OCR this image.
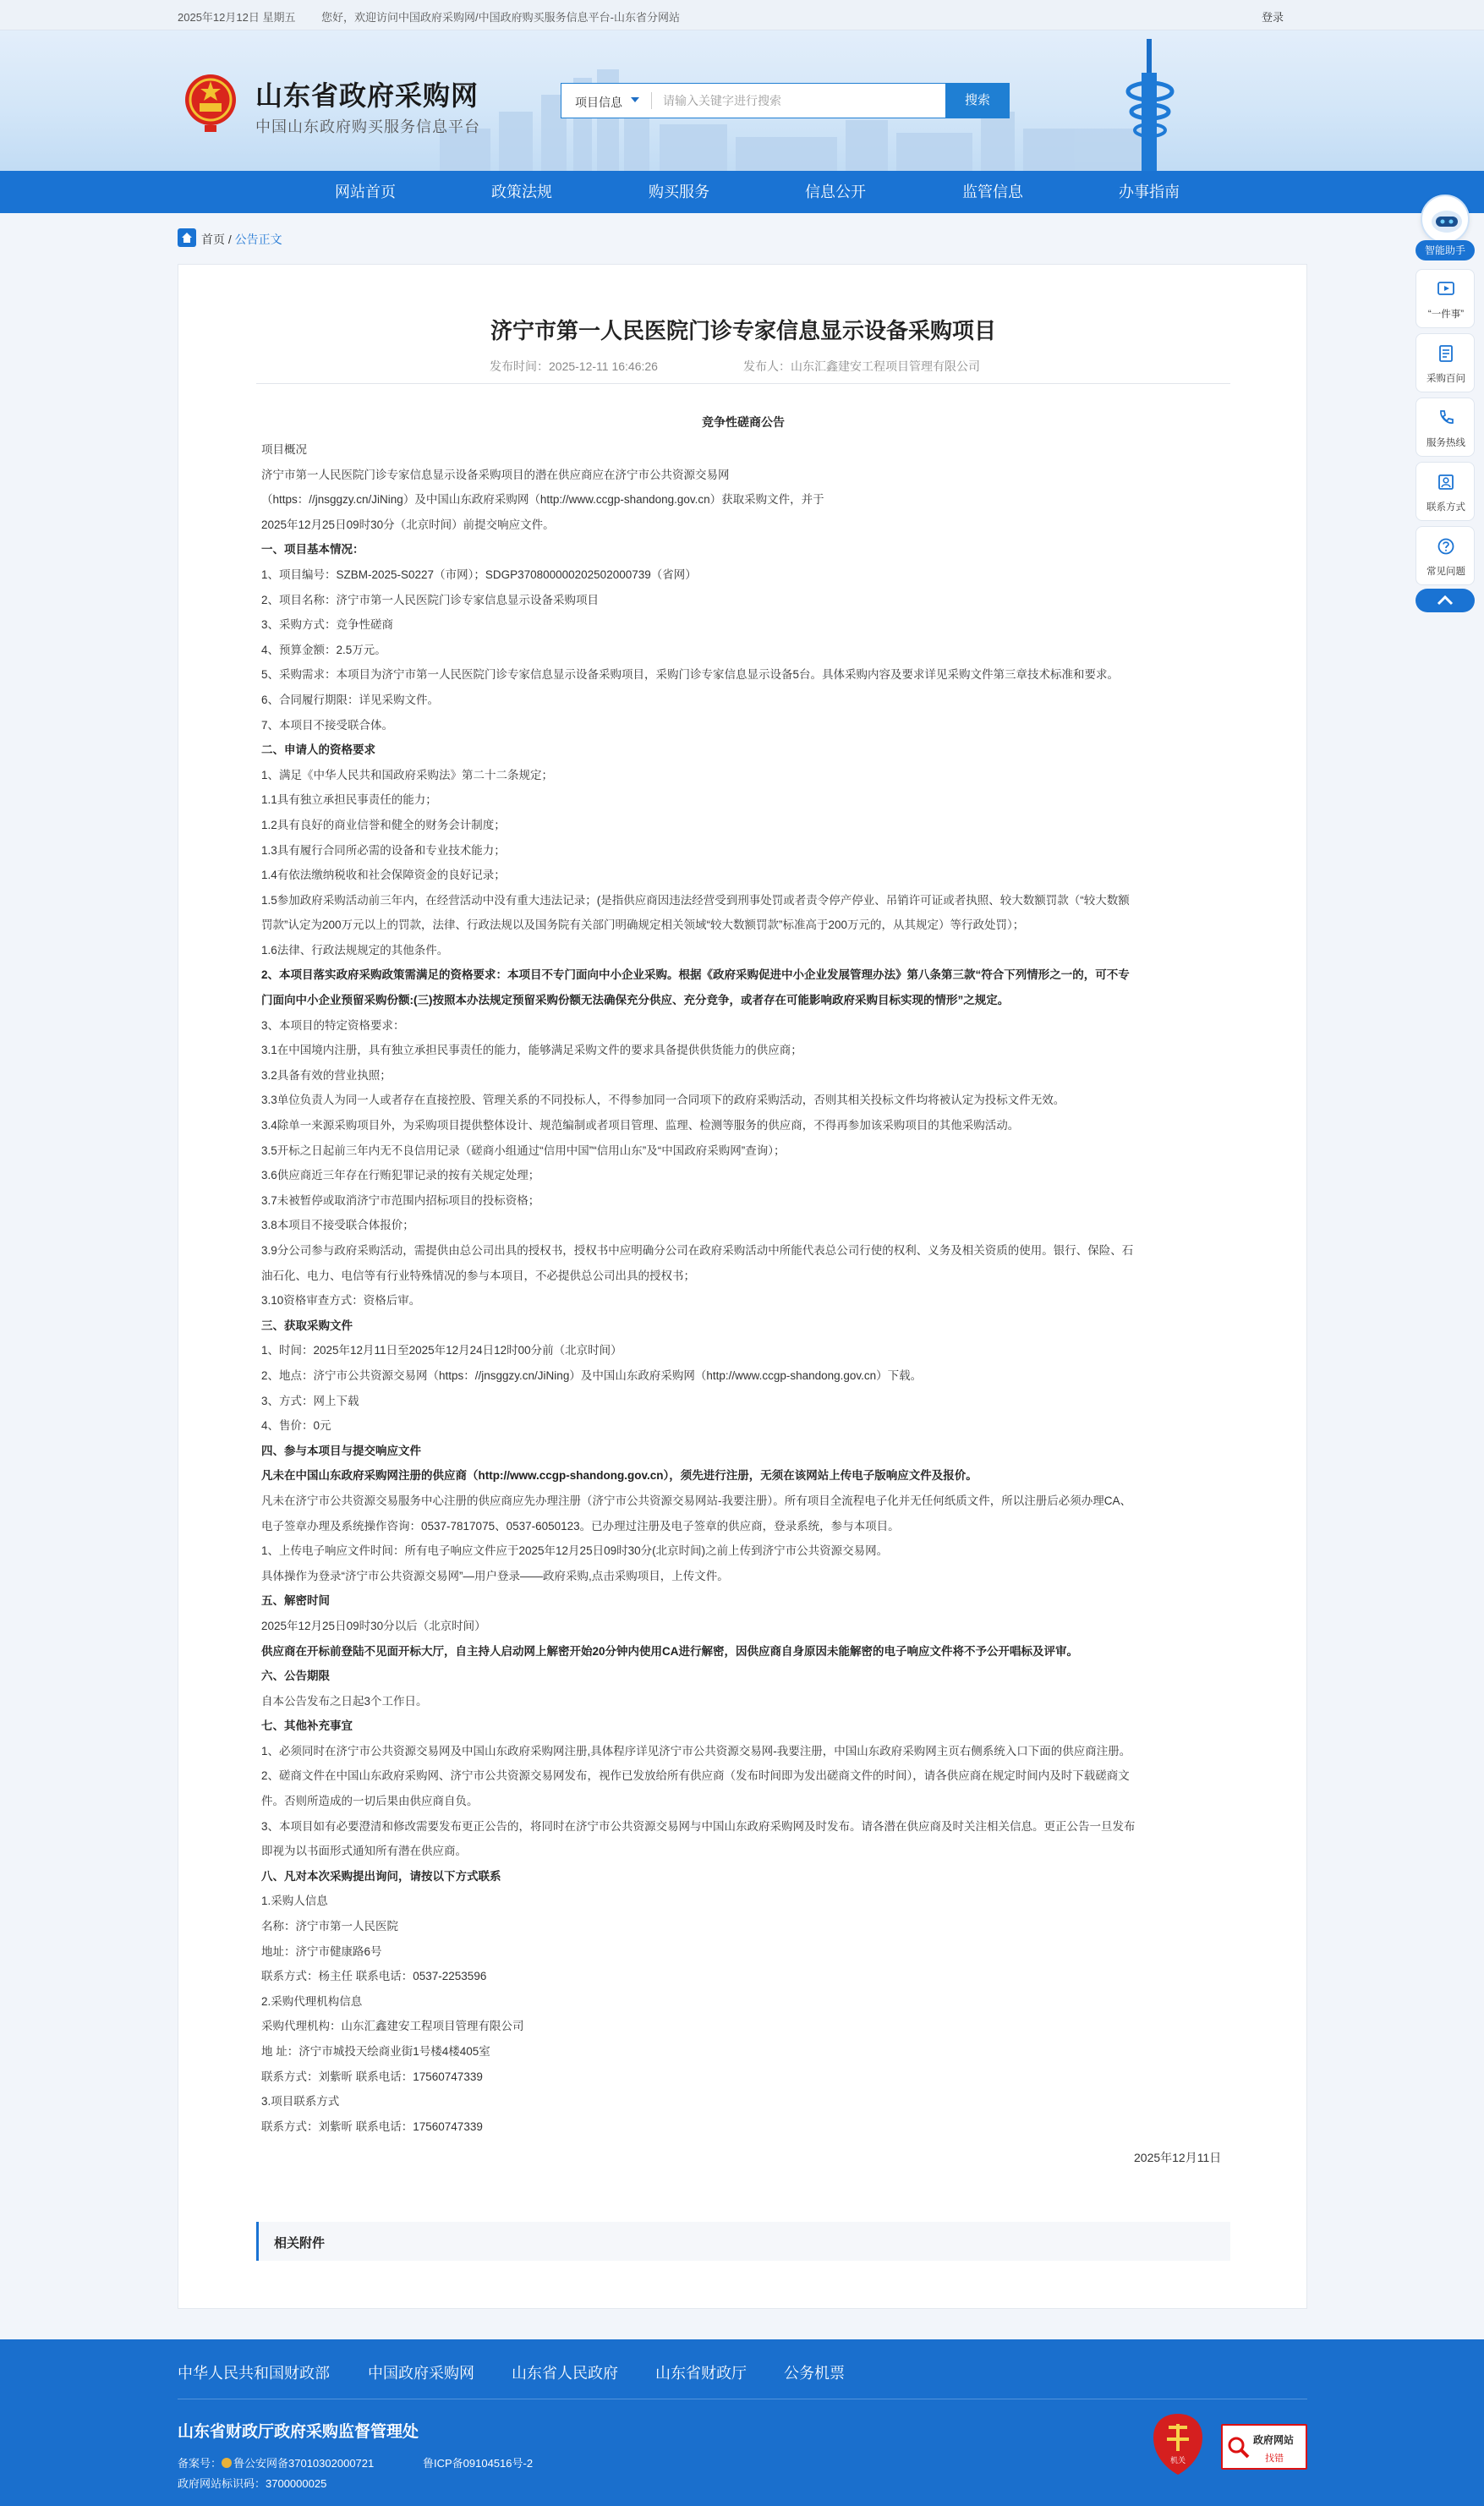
2025年12月12日 星期五 您好，欢迎访问中国政府采购网/中国政府购买服务信息平台-山东省分网站	登录
山东省政府采购网
中国山东政府购买服务信息平台
项目信息
请输入关键字进行搜索	搜索
网站首页	政策法规	购买服务	信息公开	监管信息	办事指南
首页 / 公告正文
济宁市第一人民医院门诊专家信息显示设备采购项目
发布时间：2025-12-11 16:46:26	发布人：山东汇鑫建安工程项目管理有限公司
竞争性磋商公告
项目概况
济宁市第一人民医院门诊专家信息显示设备采购项目的潜在供应商应在济宁市公共资源交易网
（https：//jnsggzy.cn/JiNing）及中国山东政府采购网（http://www.ccgp-shandong.gov.cn）获取采购文件，并于
2025年12月25日09时30分（北京时间）前提交响应文件。
一、项目基本情况：
1、项目编号：SZBM-2025-S0227（市网）；SDGP370800000202502000739（省网）
2、项目名称：济宁市第一人民医院门诊专家信息显示设备采购项目
3、采购方式：竞争性磋商
4、预算金额：2.5万元。
5、采购需求：本项目为济宁市第一人民医院门诊专家信息显示设备采购项目，采购门诊专家信息显示设备5台。具体采购内容及要求详见采购文件第三章技术标准和要求。
6、合同履行期限：详见采购文件。
7、本项目不接受联合体。
二、申请人的资格要求
1、满足《中华人民共和国政府采购法》第二十二条规定；
1.1具有独立承担民事责任的能力；
1.2具有良好的商业信誉和健全的财务会计制度；
1.3具有履行合同所必需的设备和专业技术能力；
1.4有依法缴纳税收和社会保障资金的良好记录；
1.5参加政府采购活动前三年内，在经营活动中没有重大违法记录；(是指供应商因违法经营受到刑事处罚或者责令停产停业、吊销许可证或者执照、较大数额罚款（“较大数额
罚款”认定为200万元以上的罚款，法律、行政法规以及国务院有关部门明确规定相关领域“较大数额罚款”标准高于200万元的，从其规定）等行政处罚）；
1.6法律、行政法规规定的其他条件。
2、本项目落实政府采购政策需满足的资格要求：本项目不专门面向中小企业采购。根据《政府采购促进中小企业发展管理办法》第八条第三款“符合下列情形之一的，可不专
门面向中小企业预留采购份额:(三)按照本办法规定预留采购份额无法确保充分供应、充分竞争，或者存在可能影响政府采购目标实现的情形”之规定。
3、本项目的特定资格要求：
3.1在中国境内注册，具有独立承担民事责任的能力，能够满足采购文件的要求具备提供供货能力的供应商；
3.2具备有效的营业执照；
3.3单位负责人为同一人或者存在直接控股、管理关系的不同投标人，不得参加同一合同项下的政府采购活动，否则其相关投标文件均将被认定为投标文件无效。
3.4除单一来源采购项目外，为采购项目提供整体设计、规范编制或者项目管理、监理、检测等服务的供应商，不得再参加该采购项目的其他采购活动。
3.5开标之日起前三年内无不良信用记录（磋商小组通过“信用中国”“信用山东”及“中国政府采购网”查询）；
3.6供应商近三年存在行贿犯罪记录的按有关规定处理；
3.7未被暂停或取消济宁市范围内招标项目的投标资格；
3.8本项目不接受联合体报价；
3.9分公司参与政府采购活动，需提供由总公司出具的授权书，授权书中应明确分公司在政府采购活动中所能代表总公司行使的权利、义务及相关资质的使用。银行、保险、石
油石化、电力、电信等有行业特殊情况的参与本项目，不必提供总公司出具的授权书；
3.10资格审查方式：资格后审。
三、获取采购文件
1、时间：2025年12月11日至2025年12月24日12时00分前（北京时间）
2、地点：济宁市公共资源交易网（https：//jnsggzy.cn/JiNing）及中国山东政府采购网（http://www.ccgp-shandong.gov.cn）下载。
3、方式：网上下载
4、售价：0元
四、参与本项目与提交响应文件
凡未在中国山东政府采购网注册的供应商（http://www.ccgp-shandong.gov.cn），须先进行注册，无须在该网站上传电子版响应文件及报价。
凡未在济宁市公共资源交易服务中心注册的供应商应先办理注册（济宁市公共资源交易网站-我要注册）。所有项目全流程电子化并无任何纸质文件，所以注册后必须办理CA、
电子签章办理及系统操作咨询：0537-7817075、0537-6050123。已办理过注册及电子签章的供应商，登录系统，参与本项目。
1、上传电子响应文件时间：所有电子响应文件应于2025年12月25日09时30分(北京时间)之前上传到济宁市公共资源交易网。
具体操作为登录“济宁市公共资源交易网”—用户登录——政府采购,点击采购项目，上传文件。
五、解密时间
2025年12月25日09时30分以后（北京时间）
供应商在开标前登陆不见面开标大厅，自主持人启动网上解密开始20分钟内使用CA进行解密，因供应商自身原因未能解密的电子响应文件将不予公开唱标及评审。
六、公告期限
自本公告发布之日起3个工作日。
七、其他补充事宜
1、必须同时在济宁市公共资源交易网及中国山东政府采购网注册,具体程序详见济宁市公共资源交易网-我要注册，中国山东政府采购网主页右侧系统入口下面的供应商注册。
2、磋商文件在中国山东政府采购网、济宁市公共资源交易网发布，视作已发放给所有供应商（发布时间即为发出磋商文件的时间），请各供应商在规定时间内及时下载磋商文
件。否则所造成的一切后果由供应商自负。
3、本项目如有必要澄清和修改需要发布更正公告的，将同时在济宁市公共资源交易网与中国山东政府采购网及时发布。请各潜在供应商及时关注相关信息。更正公告一旦发布
即视为以书面形式通知所有潜在供应商。
八、凡对本次采购提出询问，请按以下方式联系
1.采购人信息
名称：济宁市第一人民医院
地址：济宁市健康路6号
联系方式：杨主任 联系电话：0537-2253596
2.采购代理机构信息
采购代理机构：山东汇鑫建安工程项目管理有限公司
地 址：济宁市城投天绘商业街1号楼4楼405室
联系方式：刘紫昕 联系电话：17560747339
3.项目联系方式
联系方式：刘紫昕 联系电话：17560747339
2025年12月11日
相关附件
智能助手
“一件事”
采购百问
服务热线
联系方式
常见问题
中华人民共和国财政部	中国政府采购网 山东省人民政府 山东省财政厅 公务机票
山东省财政厅政府采购监督管理处
备案号： 鲁公安网备37010302000721	鲁ICP备09104516号-2
政府网站标识码：3700000025
机关
政府网站
找错
